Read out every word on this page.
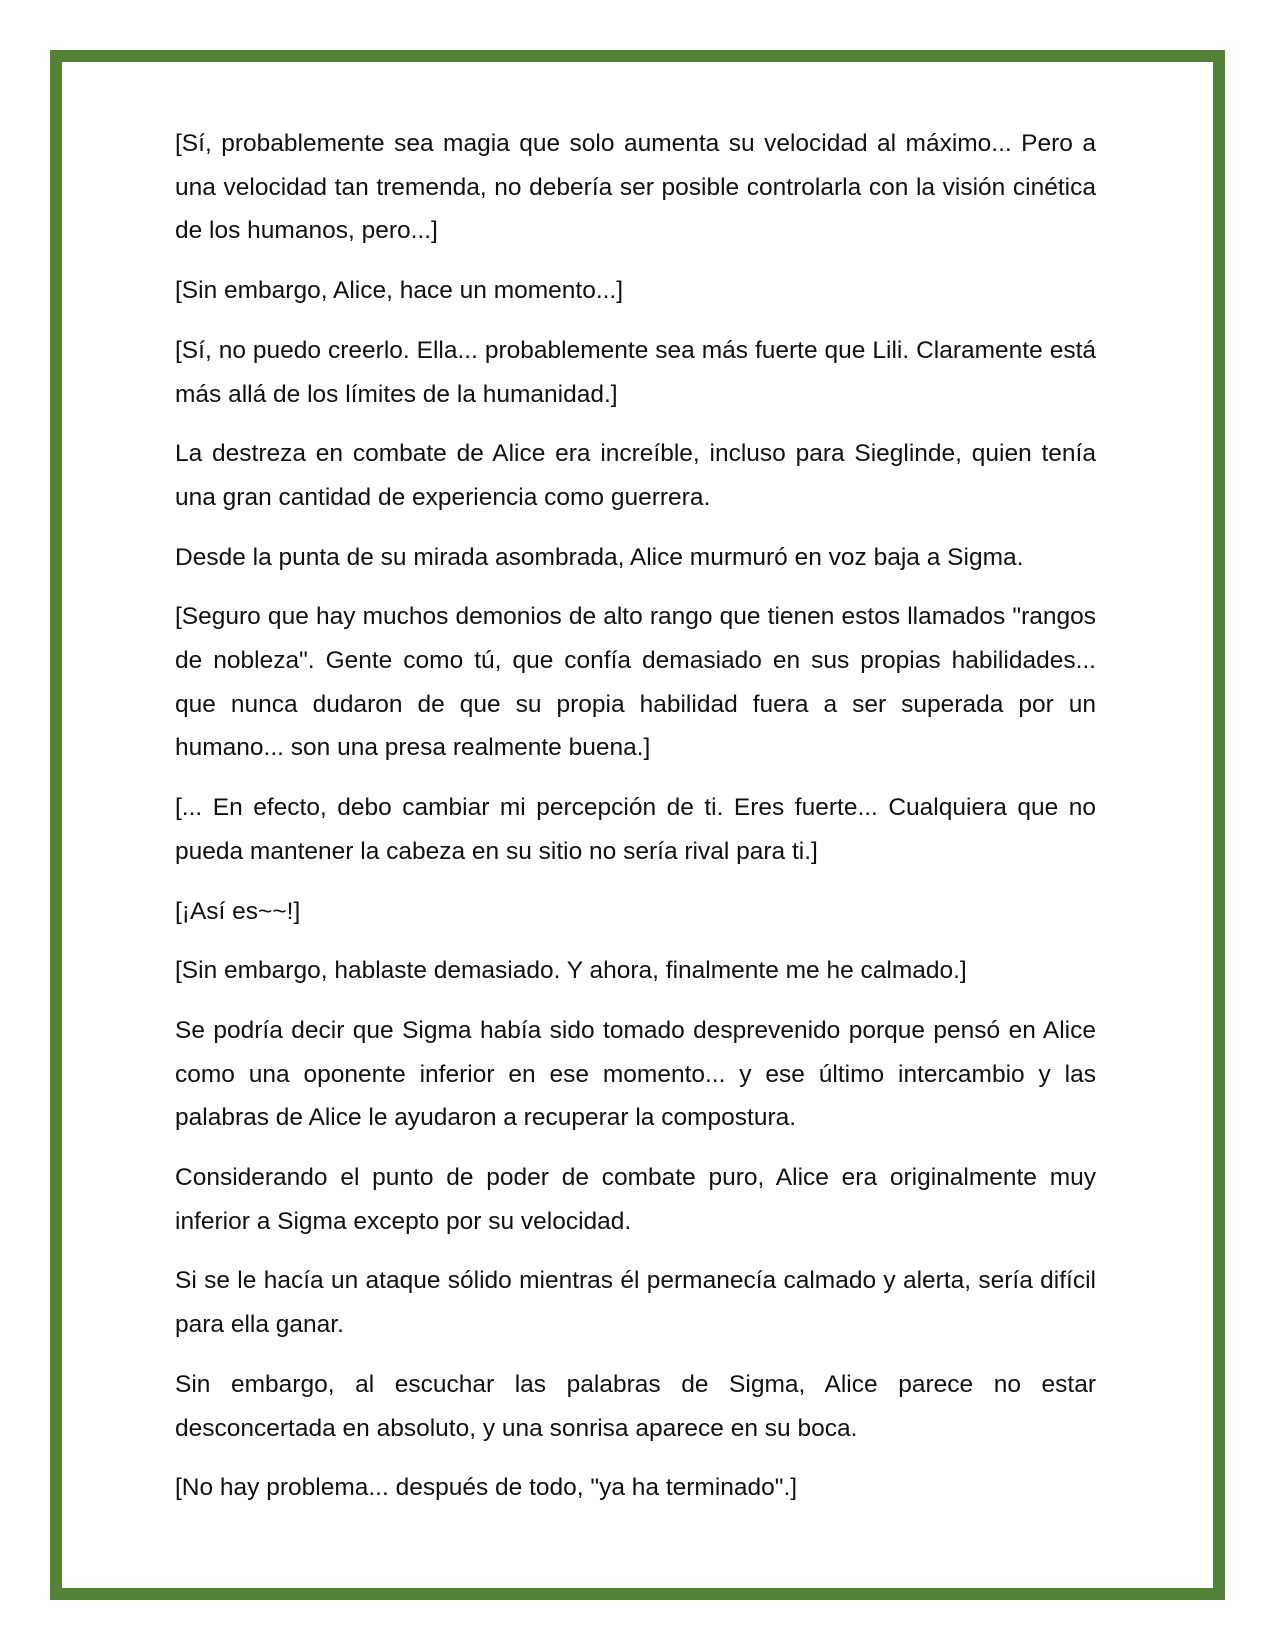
[Sí, probablemente sea magia que solo aumenta su velocidad al máximo... Pero a una velocidad tan tremenda, no debería ser posible controlarla con la visión cinética de los humanos, pero...]

[Sin embargo, Alice, hace un momento...]

[Sí, no puedo creerlo. Ella... probablemente sea más fuerte que Lili. Claramente está más allá de los límites de la humanidad.]

La destreza en combate de Alice era increíble, incluso para Sieglinde, quien tenía una gran cantidad de experiencia como guerrera.

Desde la punta de su mirada asombrada, Alice murmuró en voz baja a Sigma.

[Seguro que hay muchos demonios de alto rango que tienen estos llamados "rangos de nobleza". Gente como tú, que confía demasiado en sus propias habilidades... que nunca dudaron de que su propia habilidad fuera a ser superada por un humano... son una presa realmente buena.]

[... En efecto, debo cambiar mi percepción de ti. Eres fuerte... Cualquiera que no pueda mantener la cabeza en su sitio no sería rival para ti.]

[¡Así es~~!]

[Sin embargo, hablaste demasiado. Y ahora, finalmente me he calmado.]

Se podría decir que Sigma había sido tomado desprevenido porque pensó en Alice como una oponente inferior en ese momento... y ese último intercambio y las palabras de Alice le ayudaron a recuperar la compostura.

Considerando el punto de poder de combate puro, Alice era originalmente muy inferior a Sigma excepto por su velocidad.

Si se le hacía un ataque sólido mientras él permanecía calmado y alerta, sería difícil para ella ganar.

Sin embargo, al escuchar las palabras de Sigma, Alice parece no estar desconcertada en absoluto, y una sonrisa aparece en su boca.

[No hay problema... después de todo, "ya ha terminado".]
